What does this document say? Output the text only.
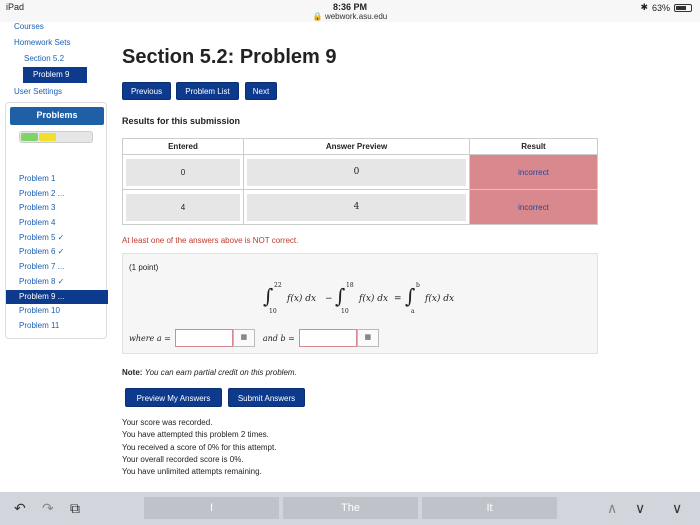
iPad	8:36 PM
🔒 webwork.asu.edu
✱ 63%
Courses
Homework Sets
Section 5.2
Problem 9
User Settings
Problems
Problem 1
Problem 2 ...
Problem 3
Problem 4
Problem 5 ✓
Problem 6 ✓
Problem 7 ...
Problem 8 ✓
Problem 9 ...
Problem 10
Problem 11
Section 5.2: Problem 9
Previous	Problem List	Next
Results for this submission
Entered	Answer Preview	Result

0	0	incorrect

4	4	incorrect
At least one of the answers above is NOT correct.
(1 point)
∫ 22
10
f(x) dx − ∫ 18
10
f(x) dx = ∫ b
a
f(x) dx
where a =	▦	and b =	▦
Note: You can earn partial credit on this problem.
Preview My Answers	Submit Answers
Your score was recorded.
You have attempted this problem 2 times.
You received a score of 0% for this attempt.
Your overall recorded score is 0%.
You have unlimited attempts remaining.
↶ ↷ ⧉	I	The	It	∧ ∨ ∨
